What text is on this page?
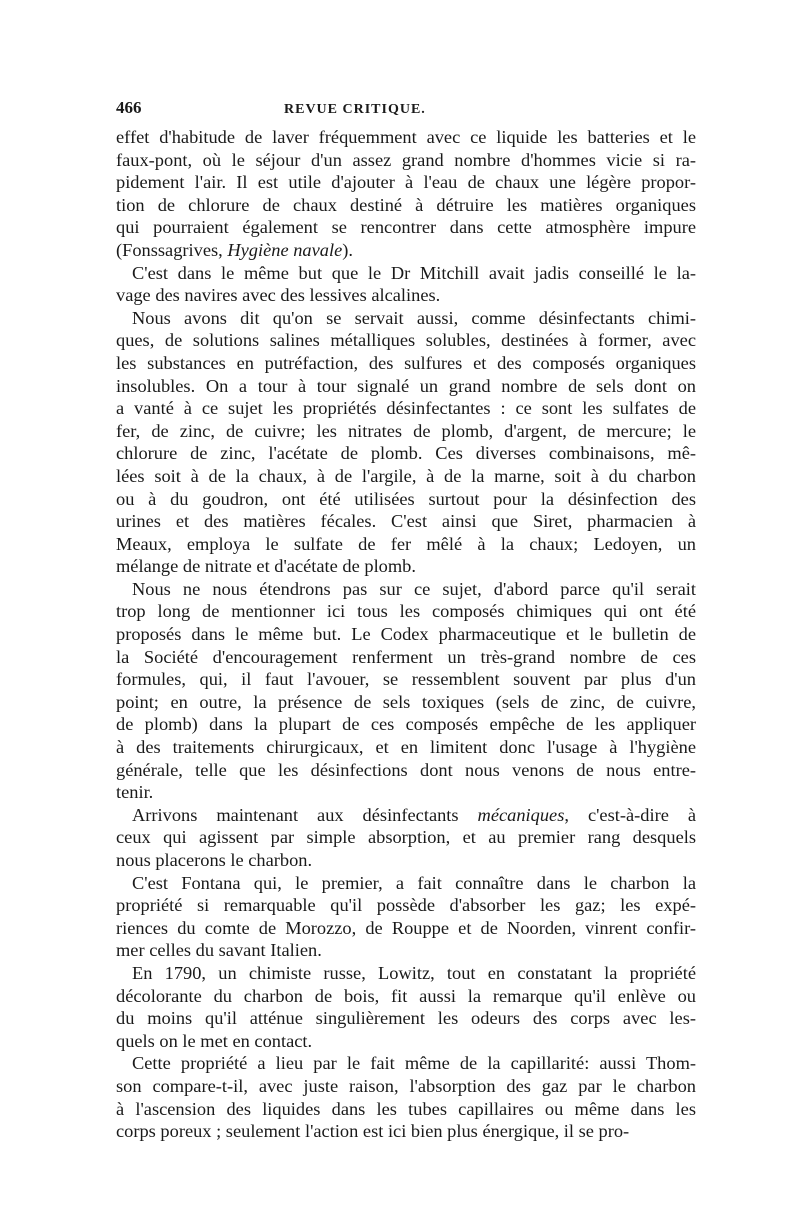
466	REVUE CRITIQUE.

effet d'habitude de laver fréquemment avec ce liquide les batteries et le
faux-pont, où le séjour d'un assez grand nombre d'hommes vicie si ra-
pidement l'air. Il est utile d'ajouter à l'eau de chaux une légère propor-
tion de chlorure de chaux destiné à détruire les matières organiques
qui pourraient également se rencontrer dans cette atmosphère impure
(Fonssagrives, Hygiène navale).

C'est dans le même but que le Dr Mitchill avait jadis conseillé le la-
vage des navires avec des lessives alcalines.

Nous avons dit qu'on se servait aussi, comme désinfectants chimi-
ques, de solutions salines métalliques solubles, destinées à former, avec
les substances en putréfaction, des sulfures et des composés organiques
insolubles. On a tour à tour signalé un grand nombre de sels dont on
a vanté à ce sujet les propriétés désinfectantes : ce sont les sulfates de
fer, de zinc, de cuivre; les nitrates de plomb, d'argent, de mercure; le
chlorure de zinc, l'acétate de plomb. Ces diverses combinaisons, mê-
lées soit à de la chaux, à de l'argile, à de la marne, soit à du charbon
ou à du goudron, ont été utilisées surtout pour la désinfection des
urines et des matières fécales. C'est ainsi que Siret, pharmacien à
Meaux, employa le sulfate de fer mêlé à la chaux; Ledoyen, un
mélange de nitrate et d'acétate de plomb.

Nous ne nous étendrons pas sur ce sujet, d'abord parce qu'il serait
trop long de mentionner ici tous les composés chimiques qui ont été
proposés dans le même but. Le Codex pharmaceutique et le bulletin de
la Société d'encouragement renferment un très-grand nombre de ces
formules, qui, il faut l'avouer, se ressemblent souvent par plus d'un
point; en outre, la présence de sels toxiques (sels de zinc, de cuivre,
de plomb) dans la plupart de ces composés empêche de les appliquer
à des traitements chirurgicaux, et en limitent donc l'usage à l'hygiène
générale, telle que les désinfections dont nous venons de nous entre-
tenir.

Arrivons maintenant aux désinfectants mécaniques, c'est-à-dire à
ceux qui agissent par simple absorption, et au premier rang desquels
nous placerons le charbon.

C'est Fontana qui, le premier, a fait connaître dans le charbon la
propriété si remarquable qu'il possède d'absorber les gaz; les expé-
riences du comte de Morozzo, de Rouppe et de Noorden, vinrent confir-
mer celles du savant Italien.

En 1790, un chimiste russe, Lowitz, tout en constatant la propriété
décolorante du charbon de bois, fit aussi la remarque qu'il enlève ou
du moins qu'il atténue singulièrement les odeurs des corps avec les-
quels on le met en contact.

Cette propriété a lieu par le fait même de la capillarité: aussi Thom-
son compare-t-il, avec juste raison, l'absorption des gaz par le charbon
à l'ascension des liquides dans les tubes capillaires ou même dans les
corps poreux ; seulement l'action est ici bien plus énergique, il se pro-
